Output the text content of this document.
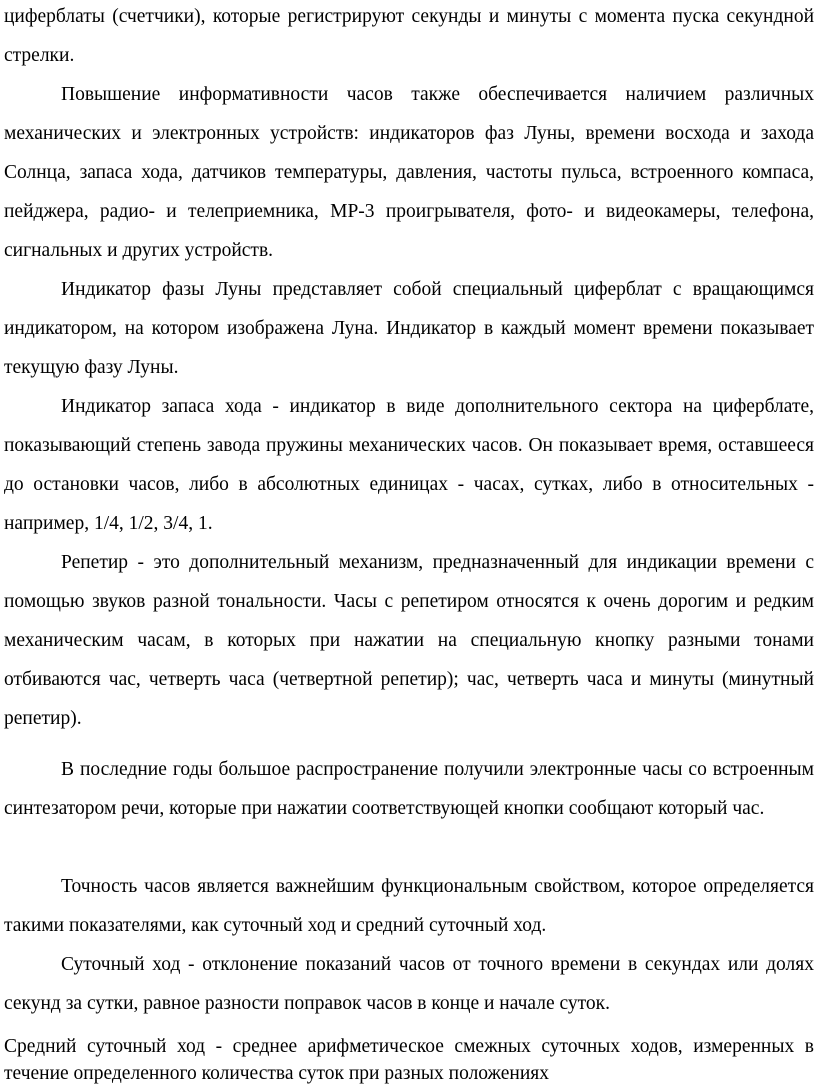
циферблаты (счетчики), которые регистрируют секунды и минуты с момента пуска секундной стрелки.

Повышение информативности часов также обеспечивается наличием различных механических и электронных устройств: индикаторов фаз Луны, времени восхода и захода Солнца, запаса хода, датчиков температуры, давления, частоты пульса, встроенного компаса, пейджера, радио- и телеприемника, MP-3 проигрывателя, фото- и видеокамеры, телефона, сигнальных и других устройств.

Индикатор фазы Луны представляет собой специальный циферблат с вращающимся индикатором, на котором изображена Луна. Индикатор в каждый момент времени показывает текущую фазу Луны.

Индикатор запаса хода - индикатор в виде дополнительного сектора на циферблате, показывающий степень завода пружины механических часов. Он показывает время, оставшееся до остановки часов, либо в абсолютных единицах - часах, сутках, либо в относительных - например, 1/4, 1/2, 3/4, 1.

Репетир - это дополнительный механизм, предназначенный для индикации времени с помощью звуков разной тональности. Часы с репетиром относятся к очень дорогим и редким механическим часам, в которых при нажатии на специальную кнопку разными тонами отбиваются час, четверть часа (четвертной репетир); час, четверть часа и минуты (минутный репетир).

В последние годы большое распространение получили электронные часы со встроенным синтезатором речи, которые при нажатии соответствующей кнопки сообщают который час.

Точность часов является важнейшим функциональным свойством, которое определяется такими показателями, как суточный ход и средний суточный ход.

Суточный ход - отклонение показаний часов от точного времени в секундах или долях секунд за сутки, равное разности поправок часов в конце и начале суток.

Средний суточный ход - среднее арифметическое смежных суточных ходов, измеренных в течение определенного количества суток при разных положениях
